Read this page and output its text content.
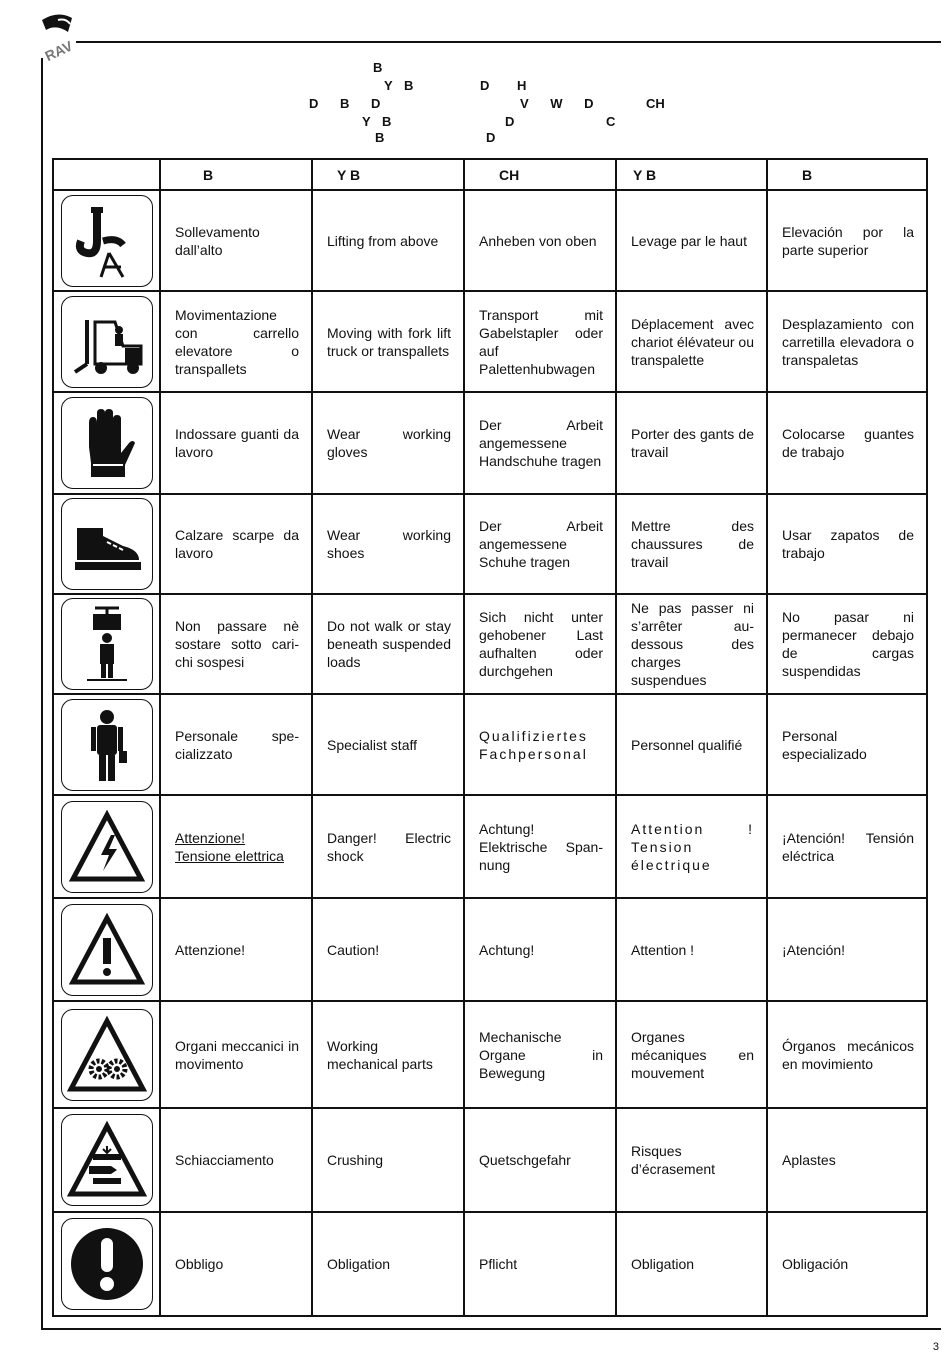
RAV
B
Y B	D H
D B D	V W D	CH
Y B	D	C
B	D
	B	Y B	CH	Y B	B

	Sollevamento dall’alto	Lifting from above	Anheben von oben	Levage par le haut	Elevación por la parte superior

	Movimentazione con carrello elevatore o transpallets	Moving with fork lift truck or transpallets	Transport mit Gabelstapler oder auf Palettenhubwagen	Déplacement avec chariot élévateur ou transpalette	Desplazamiento con carretilla elevadora o transpaletas

	Indossare guanti da lavoro	Wear working gloves	Der Arbeit angemessene Handschuhe tragen	Porter des gants de travail	Colocarse guantes de trabajo

	Calzare scarpe da lavoro	Wear working shoes	Der Arbeit angemessene Schuhe tragen	Mettre des chaussures de travail	Usar zapatos de trabajo

	Non passare nè sostare sotto cari-chi sospesi	Do not walk or stay beneath suspended loads	Sich nicht unter gehobener Last aufhalten oder durchgehen	Ne pas passer ni s’arrêter au-dessous des charges suspendues	No pasar ni permanecer debajo de cargas suspendidas

	Personale spe-cializzato	Specialist staff	Qualifiziertes Fachpersonal	Personnel qualifié	Personal especializado

	Attenzione! Tensione elettrica	Danger! Electric shock	Achtung! Elektrische Span-nung	Attention ! Tension électrique	¡Atención! Tensión eléctrica

	Attenzione!	Caution!	Achtung!	Attention !	¡Atención!

	Organi meccanici in movimento	Working mechanical parts	Mechanische Organe in Bewegung	Organes mécaniques en mouvement	Órganos mecánicos en movimiento

	Schiacciamento	Crushing	Quetschgefahr	Risques d’écrasement	Aplastes

	Obbligo	Obligation	Pflicht	Obligation	Obligación
3
